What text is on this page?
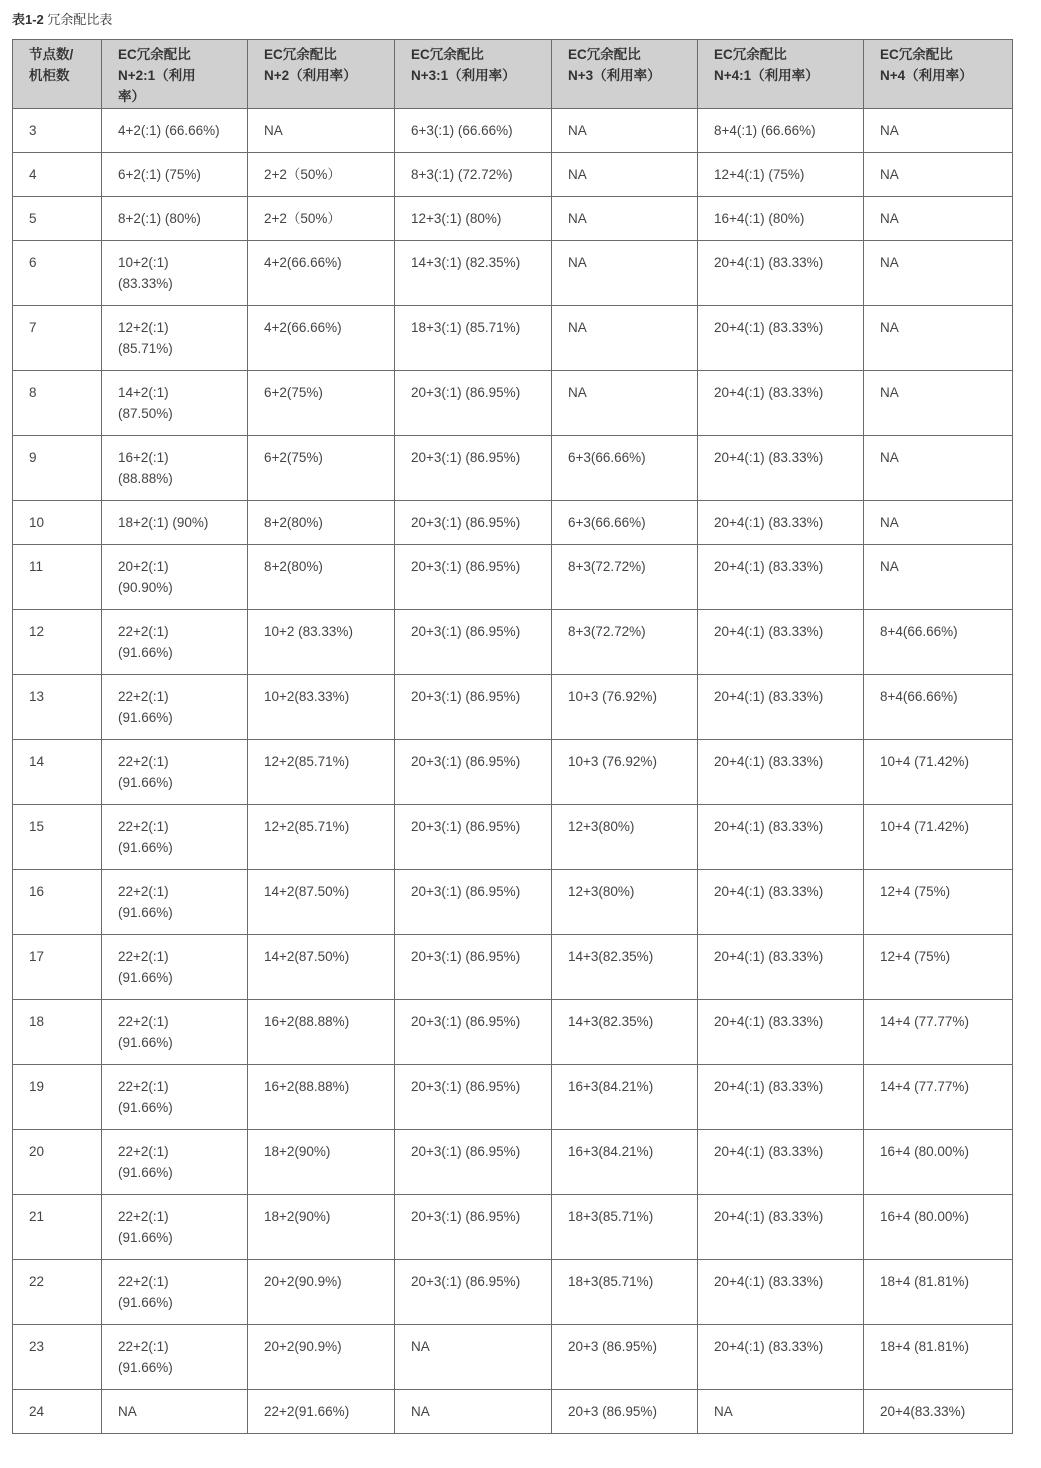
表1-2 冗余配比表
节点数/
机柜数	EC冗余配比
N+2:1（利用
率）	EC冗余配比
N+2（利用率）	EC冗余配比
N+3:1（利用率）	EC冗余配比
N+3（利用率）	EC冗余配比
N+4:1（利用率）	EC冗余配比
N+4（利用率）

3	4+2(:1) (66.66%)	NA	6+3(:1) (66.66%)	NA	8+4(:1) (66.66%)	NA
4	6+2(:1) (75%)	2+2（50%）	8+3(:1) (72.72%)	NA	12+4(:1) (75%)	NA
5	8+2(:1) (80%)	2+2（50%）	12+3(:1) (80%)	NA	16+4(:1) (80%)	NA
6	10+2(:1)
(83.33%)	4+2(66.66%)	14+3(:1) (82.35%)	NA	20+4(:1) (83.33%)	NA
7	12+2(:1)
(85.71%)	4+2(66.66%)	18+3(:1) (85.71%)	NA	20+4(:1) (83.33%)	NA
8	14+2(:1)
(87.50%)	6+2(75%)	20+3(:1) (86.95%)	NA	20+4(:1) (83.33%)	NA
9	16+2(:1)
(88.88%)	6+2(75%)	20+3(:1) (86.95%)	6+3(66.66%)	20+4(:1) (83.33%)	NA
10	18+2(:1) (90%)	8+2(80%)	20+3(:1) (86.95%)	6+3(66.66%)	20+4(:1) (83.33%)	NA
11	20+2(:1)
(90.90%)	8+2(80%)	20+3(:1) (86.95%)	8+3(72.72%)	20+4(:1) (83.33%)	NA
12	22+2(:1)
(91.66%)	10+2 (83.33%)	20+3(:1) (86.95%)	8+3(72.72%)	20+4(:1) (83.33%)	8+4(66.66%)
13	22+2(:1)
(91.66%)	10+2(83.33%)	20+3(:1) (86.95%)	10+3 (76.92%)	20+4(:1) (83.33%)	8+4(66.66%)
14	22+2(:1)
(91.66%)	12+2(85.71%)	20+3(:1) (86.95%)	10+3 (76.92%)	20+4(:1) (83.33%)	10+4 (71.42%)
15	22+2(:1)
(91.66%)	12+2(85.71%)	20+3(:1) (86.95%)	12+3(80%)	20+4(:1) (83.33%)	10+4 (71.42%)
16	22+2(:1)
(91.66%)	14+2(87.50%)	20+3(:1) (86.95%)	12+3(80%)	20+4(:1) (83.33%)	12+4 (75%)
17	22+2(:1)
(91.66%)	14+2(87.50%)	20+3(:1) (86.95%)	14+3(82.35%)	20+4(:1) (83.33%)	12+4 (75%)
18	22+2(:1)
(91.66%)	16+2(88.88%)	20+3(:1) (86.95%)	14+3(82.35%)	20+4(:1) (83.33%)	14+4 (77.77%)
19	22+2(:1)
(91.66%)	16+2(88.88%)	20+3(:1) (86.95%)	16+3(84.21%)	20+4(:1) (83.33%)	14+4 (77.77%)
20	22+2(:1)
(91.66%)	18+2(90%)	20+3(:1) (86.95%)	16+3(84.21%)	20+4(:1) (83.33%)	16+4 (80.00%)
21	22+2(:1)
(91.66%)	18+2(90%)	20+3(:1) (86.95%)	18+3(85.71%)	20+4(:1) (83.33%)	16+4 (80.00%)
22	22+2(:1)
(91.66%)	20+2(90.9%)	20+3(:1) (86.95%)	18+3(85.71%)	20+4(:1) (83.33%)	18+4 (81.81%)
23	22+2(:1)
(91.66%)	20+2(90.9%)	NA	20+3 (86.95%)	20+4(:1) (83.33%)	18+4 (81.81%)
24	NA	22+2(91.66%)	NA	20+3 (86.95%)	NA	20+4(83.33%)
